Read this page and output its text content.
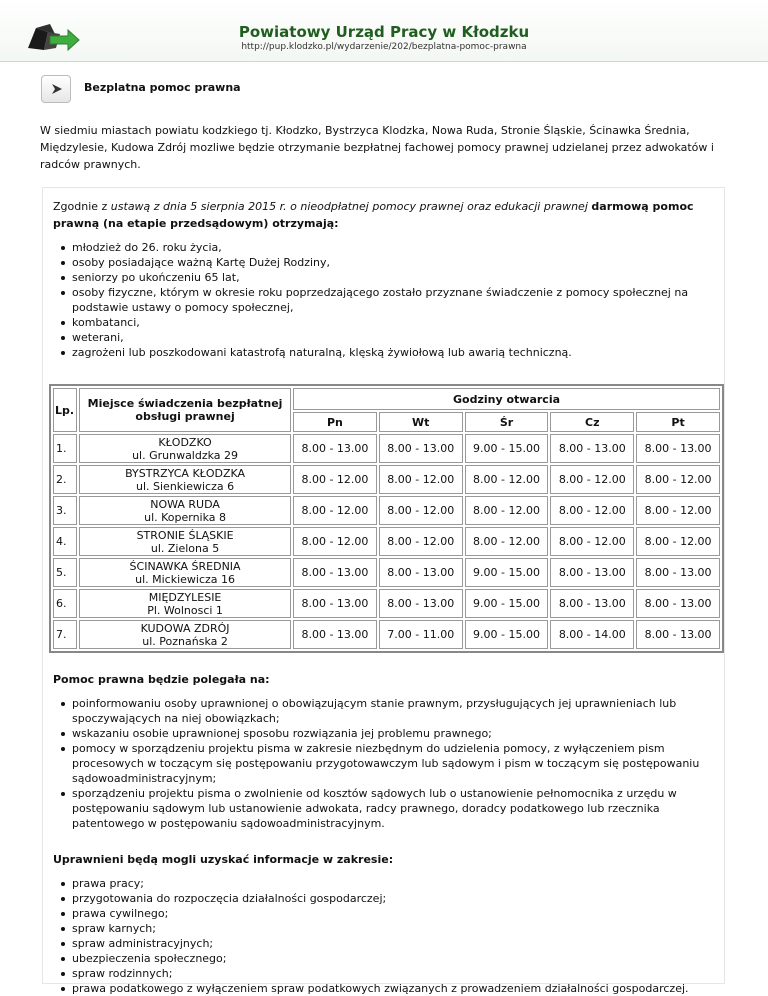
Powiatowy Urząd Pracy w Kłodzku
http://pup.klodzko.pl/wydarzenie/202/bezplatna-pomoc-prawna
Bezplatna pomoc prawna

W siedmiu miastach powiatu kodzkiego tj. Kłodzko, Bystrzyca Klodzka, Nowa Ruda, Stronie Śląskie, Ścinawka Średnia, Międzylesie, Kudowa Zdrój mozliwe będzie otrzymanie bezpłatnej fachowej pomocy prawnej udzielanej przez adwokatów i radców prawnych.

Zgodnie z ustawą z dnia 5 sierpnia 2015 r. o nieodpłatnej pomocy prawnej oraz edukacji prawnej darmową pomoc prawną (na etapie przedsądowym) otrzymają:

młodzież do 26. roku życia,
osoby posiadające ważną Kartę Dużej Rodziny,
seniorzy po ukończeniu 65 lat,
osoby fizyczne, którym w okresie roku poprzedzającego zostało przyznane świadczenie z pomocy społecznej na podstawie ustawy o pomocy społecznej,
kombatanci,
weterani,
zagrożeni lub poszkodowani katastrofą naturalną, klęską żywiołową lub awarią techniczną.
Lp.	Miejsce świadczenia bezpłatnej obsługi prawnej	Godziny otwarcia				
		Pn	Wt	Śr	Cz	Pt
1.	KŁODZKO
ul. Grunwaldzka 29	8.00 - 13.00	8.00 - 13.00	9.00 - 15.00	8.00 - 13.00	8.00 - 13.00
2.	BYSTRZYCA KŁODZKA
ul. Sienkiewicza 6	8.00 - 12.00	8.00 - 12.00	8.00 - 12.00	8.00 - 12.00	8.00 - 12.00
3.	NOWA RUDA
ul. Kopernika 8	8.00 - 12.00	8.00 - 12.00	8.00 - 12.00	8.00 - 12.00	8.00 - 12.00
4.	STRONIE ŚLĄSKIE
ul. Zielona 5	8.00 - 12.00	8.00 - 12.00	8.00 - 12.00	8.00 - 12.00	8.00 - 12.00
5.	ŚCINAWKA ŚREDNIA
ul. Mickiewicza 16	8.00 - 13.00	8.00 - 13.00	9.00 - 15.00	8.00 - 13.00	8.00 - 13.00
6.	MIĘDZYLESIE
Pl. Wolnosci 1	8.00 - 13.00	8.00 - 13.00	9.00 - 15.00	8.00 - 13.00	8.00 - 13.00
7.	KUDOWA ZDRÓJ
ul. Poznańska 2	8.00 - 13.00	7.00 - 11.00	9.00 - 15.00	8.00 - 14.00	8.00 - 13.00

Pomoc prawna będzie polegała na:

poinformowaniu osoby uprawnionej o obowiązującym stanie prawnym, przysługujących jej uprawnieniach lub spoczywających na niej obowiązkach;
wskazaniu osobie uprawnionej sposobu rozwiązania jej problemu prawnego;
pomocy w sporządzeniu projektu pisma w zakresie niezbędnym do udzielenia pomocy, z wyłączeniem pism procesowych w toczącym się postępowaniu przygotowawczym lub sądowym i pism w toczącym się postępowaniu sądowoadministracyjnym;
sporządzeniu projektu pisma o zwolnienie od kosztów sądowych lub o ustanowienie pełnomocnika z urzędu w postępowaniu sądowym lub ustanowienie adwokata, radcy prawnego, doradcy podatkowego lub rzecznika patentowego w postępowaniu sądowoadministracyjnym.

Uprawnieni będą mogli uzyskać informacje w zakresie:

prawa pracy;
przygotowania do rozpoczęcia działalności gospodarczej;
prawa cywilnego;
spraw karnych;
spraw administracyjnych;
ubezpieczenia społecznego;
spraw rodzinnych;
prawa podatkowego z wyłączeniem spraw podatkowych związanych z prowadzeniem działalności gospodarczej.
